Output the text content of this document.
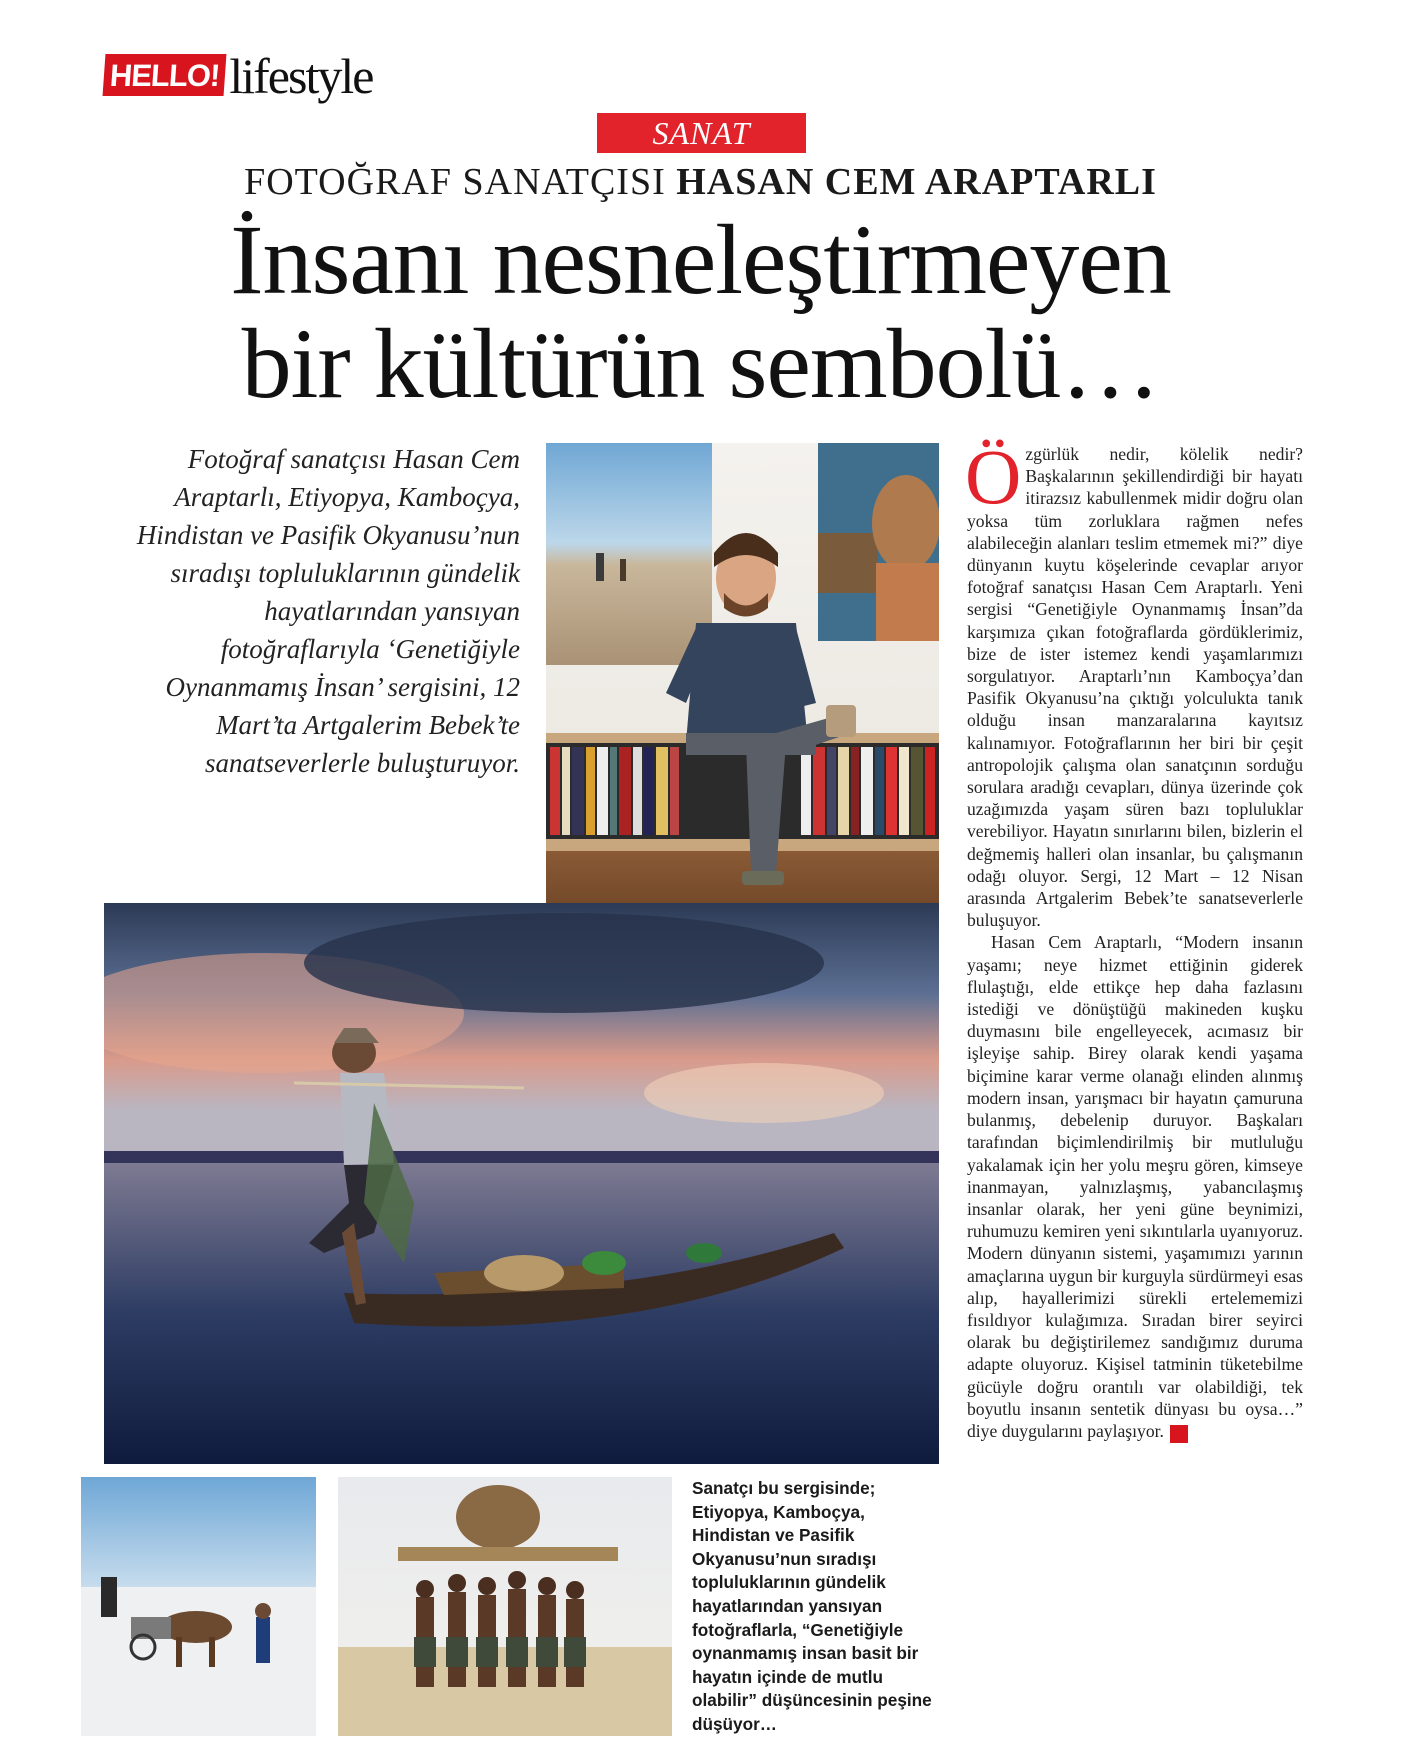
HELLO! lifestyle
SANAT
FOTOĞRAF SANATÇISI HASAN CEM ARAPTARLI
İnsanı nesneleştirmeyen
bir kültürün sembolü…
Fotoğraf sanatçısı Hasan Cem Araptarlı, Etiyopya, Kamboçya, Hindistan ve Pasifik Okyanusu’nun sıradışı topluluklarının gündelik hayatlarından yansıyan fotoğraflarıyla ‘Genetiğiyle Oynanmamış İnsan’ sergisini, 12 Mart’ta Artgalerim Bebek’te sanatseverlerle buluşturuyor.
Sanatçı bu sergisinde; Etiyopya, Kamboçya, Hindistan ve Pasifik Okyanusu’nun sıradışı topluluklarının gündelik hayatlarından yansıyan fotoğraflarla, “Genetiğiyle oynanmamış insan basit bir hayatın içinde de mutlu olabilir” düşüncesinin peşine düşüyor…

Özgürlük nedir, kölelik nedir? Başkalarının şekillendirdiği bir hayatı itirazsız kabullenmek midir doğru olan yoksa tüm zorluklara rağmen nefes alabileceğin alanları teslim etmemek mi?” diye dünyanın kuytu köşelerinde cevaplar arıyor fotoğraf sanatçısı Hasan Cem Araptarlı. Yeni sergisi “Genetiğiyle Oynanmamış İnsan”da karşımıza çıkan fotoğraflarda gördüklerimiz, bize de ister istemez kendi yaşamlarımızı sorgulatıyor. Araptarlı’nın Kamboçya’dan Pasifik Okyanusu’na çıktığı yolculukta tanık olduğu insan manzaralarına kayıtsız kalınamıyor. Fotoğraflarının her biri bir çeşit antropolojik çalışma olan sanatçının sorduğu sorulara aradığı cevapları, dünya üzerinde çok uzağımızda yaşam süren bazı topluluklar verebiliyor. Hayatın sınırlarını bilen, bizlerin el değmemiş halleri olan insanlar, bu çalışmanın odağı oluyor. Sergi, 12 Mart – 12 Nisan arasında Artgalerim Bebek’te sanatseverlerle buluşuyor.

Hasan Cem Araptarlı, “Modern insanın yaşamı; neye hizmet ettiğinin giderek flulaştığı, elde ettikçe hep daha fazlasını istediği ve dönüştüğü makineden kuşku duymasını bile engelleyecek, acımasız bir işleyişe sahip. Birey olarak kendi yaşama biçimine karar verme olanağı elinden alınmış modern insan, yarışmacı bir hayatın çamuruna bulanmış, debelenip duruyor. Başkaları tarafından biçimlendirilmiş bir mutluluğu yakalamak için her yolu meşru gören, kimseye inanmayan, yalnızlaşmış, yabancılaşmış insanlar olarak, her yeni güne beynimizi, ruhumuzu kemiren yeni sıkıntılarla uyanıyoruz. Modern dünyanın sistemi, yaşamımızı yarının amaçlarına uygun bir kurguyla sürdürmeyi esas alıp, hayallerimizi sürekli ertelememizi fısıldıyor kulağımıza. Sıradan birer seyirci olarak bu değiştirilemez sandığımız duruma adapte oluyoruz. Kişisel tatminin tüketebilme gücüyle doğru orantılı var olabildiği, tek boyutlu insanın sentetik dünyası bu oysa…” diye duygularını paylaşıyor. H
